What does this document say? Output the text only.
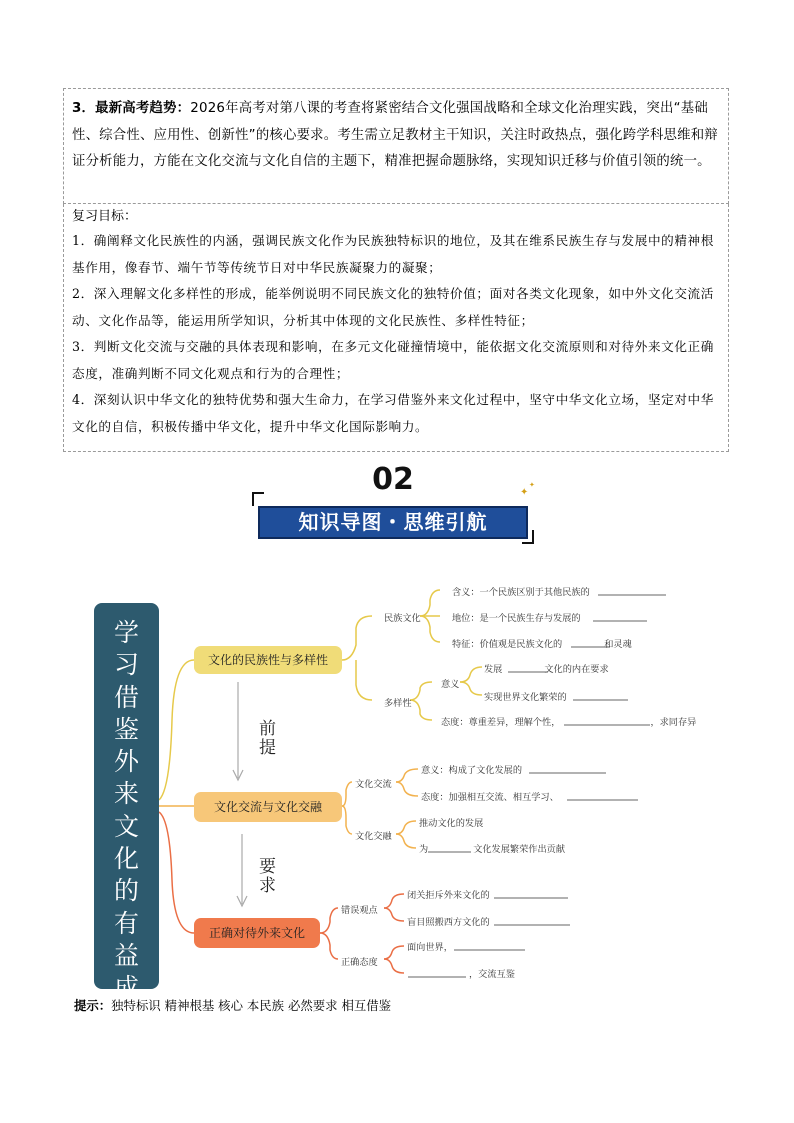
3．最新高考趋势：2026年高考对第八课的考查将紧密结合文化强国战略和全球文化治理实践，突出“基础性、综合性、应用性、创新性”的核心要求。考生需立足教材主干知识，关注时政热点，强化跨学科思维和辩证分析能力，方能在文化交流与文化自信的主题下，精准把握命题脉络，实现知识迁移与价值引领的统一。

复习目标：

1．确阐释文化民族性的内涵，强调民族文化作为民族独特标识的地位，及其在维系民族生存与发展中的精神根基作用，像春节、端午节等传统节日对中华民族凝聚力的凝聚；

2．深入理解文化多样性的形成，能举例说明不同民族文化的独特价值；面对各类文化现象，如中外文化交流活动、文化作品等，能运用所学知识，分析其中体现的文化民族性、多样性特征；

3．判断文化交流与交融的具体表现和影响，在多元文化碰撞情境中，能依据文化交流原则和对待外来文化正确态度，准确判断不同文化观点和行为的合理性；

4．深刻认识中华文化的独特优势和强大生命力，在学习借鉴外来文化过程中，坚守中华文化立场，坚定对中华文化的自信，积极传播中华文化，提升中华文化国际影响力。

02
知识导图・思维引航
✦
✦
学
习
借
鉴
外
来
文
化
的
有
益
成
果
文化的民族性与多样性
文化交流与文化交融
正确对待外来文化
前
提
要
求
民族文化
多样性
意义
文化交流
文化交融
错误观点
正确态度
含义：一个民族区别于其他民族的
地位：是一个民族生存与发展的
特征：价值观是民族文化的	和灵魂
发展	文化的内在要求
实现世界文化繁荣的
态度：尊重差异，理解个性，	，求同存异
意义：构成了文化发展的
态度：加强相互交流、相互学习、
推动文化的发展
为	文化发展繁荣作出贡献
闭关拒斥外来文化的
盲目照搬西方文化的
面向世界，
，交流互鉴
提示：独特标识 精神根基 核心 本民族 必然要求 相互借鉴
